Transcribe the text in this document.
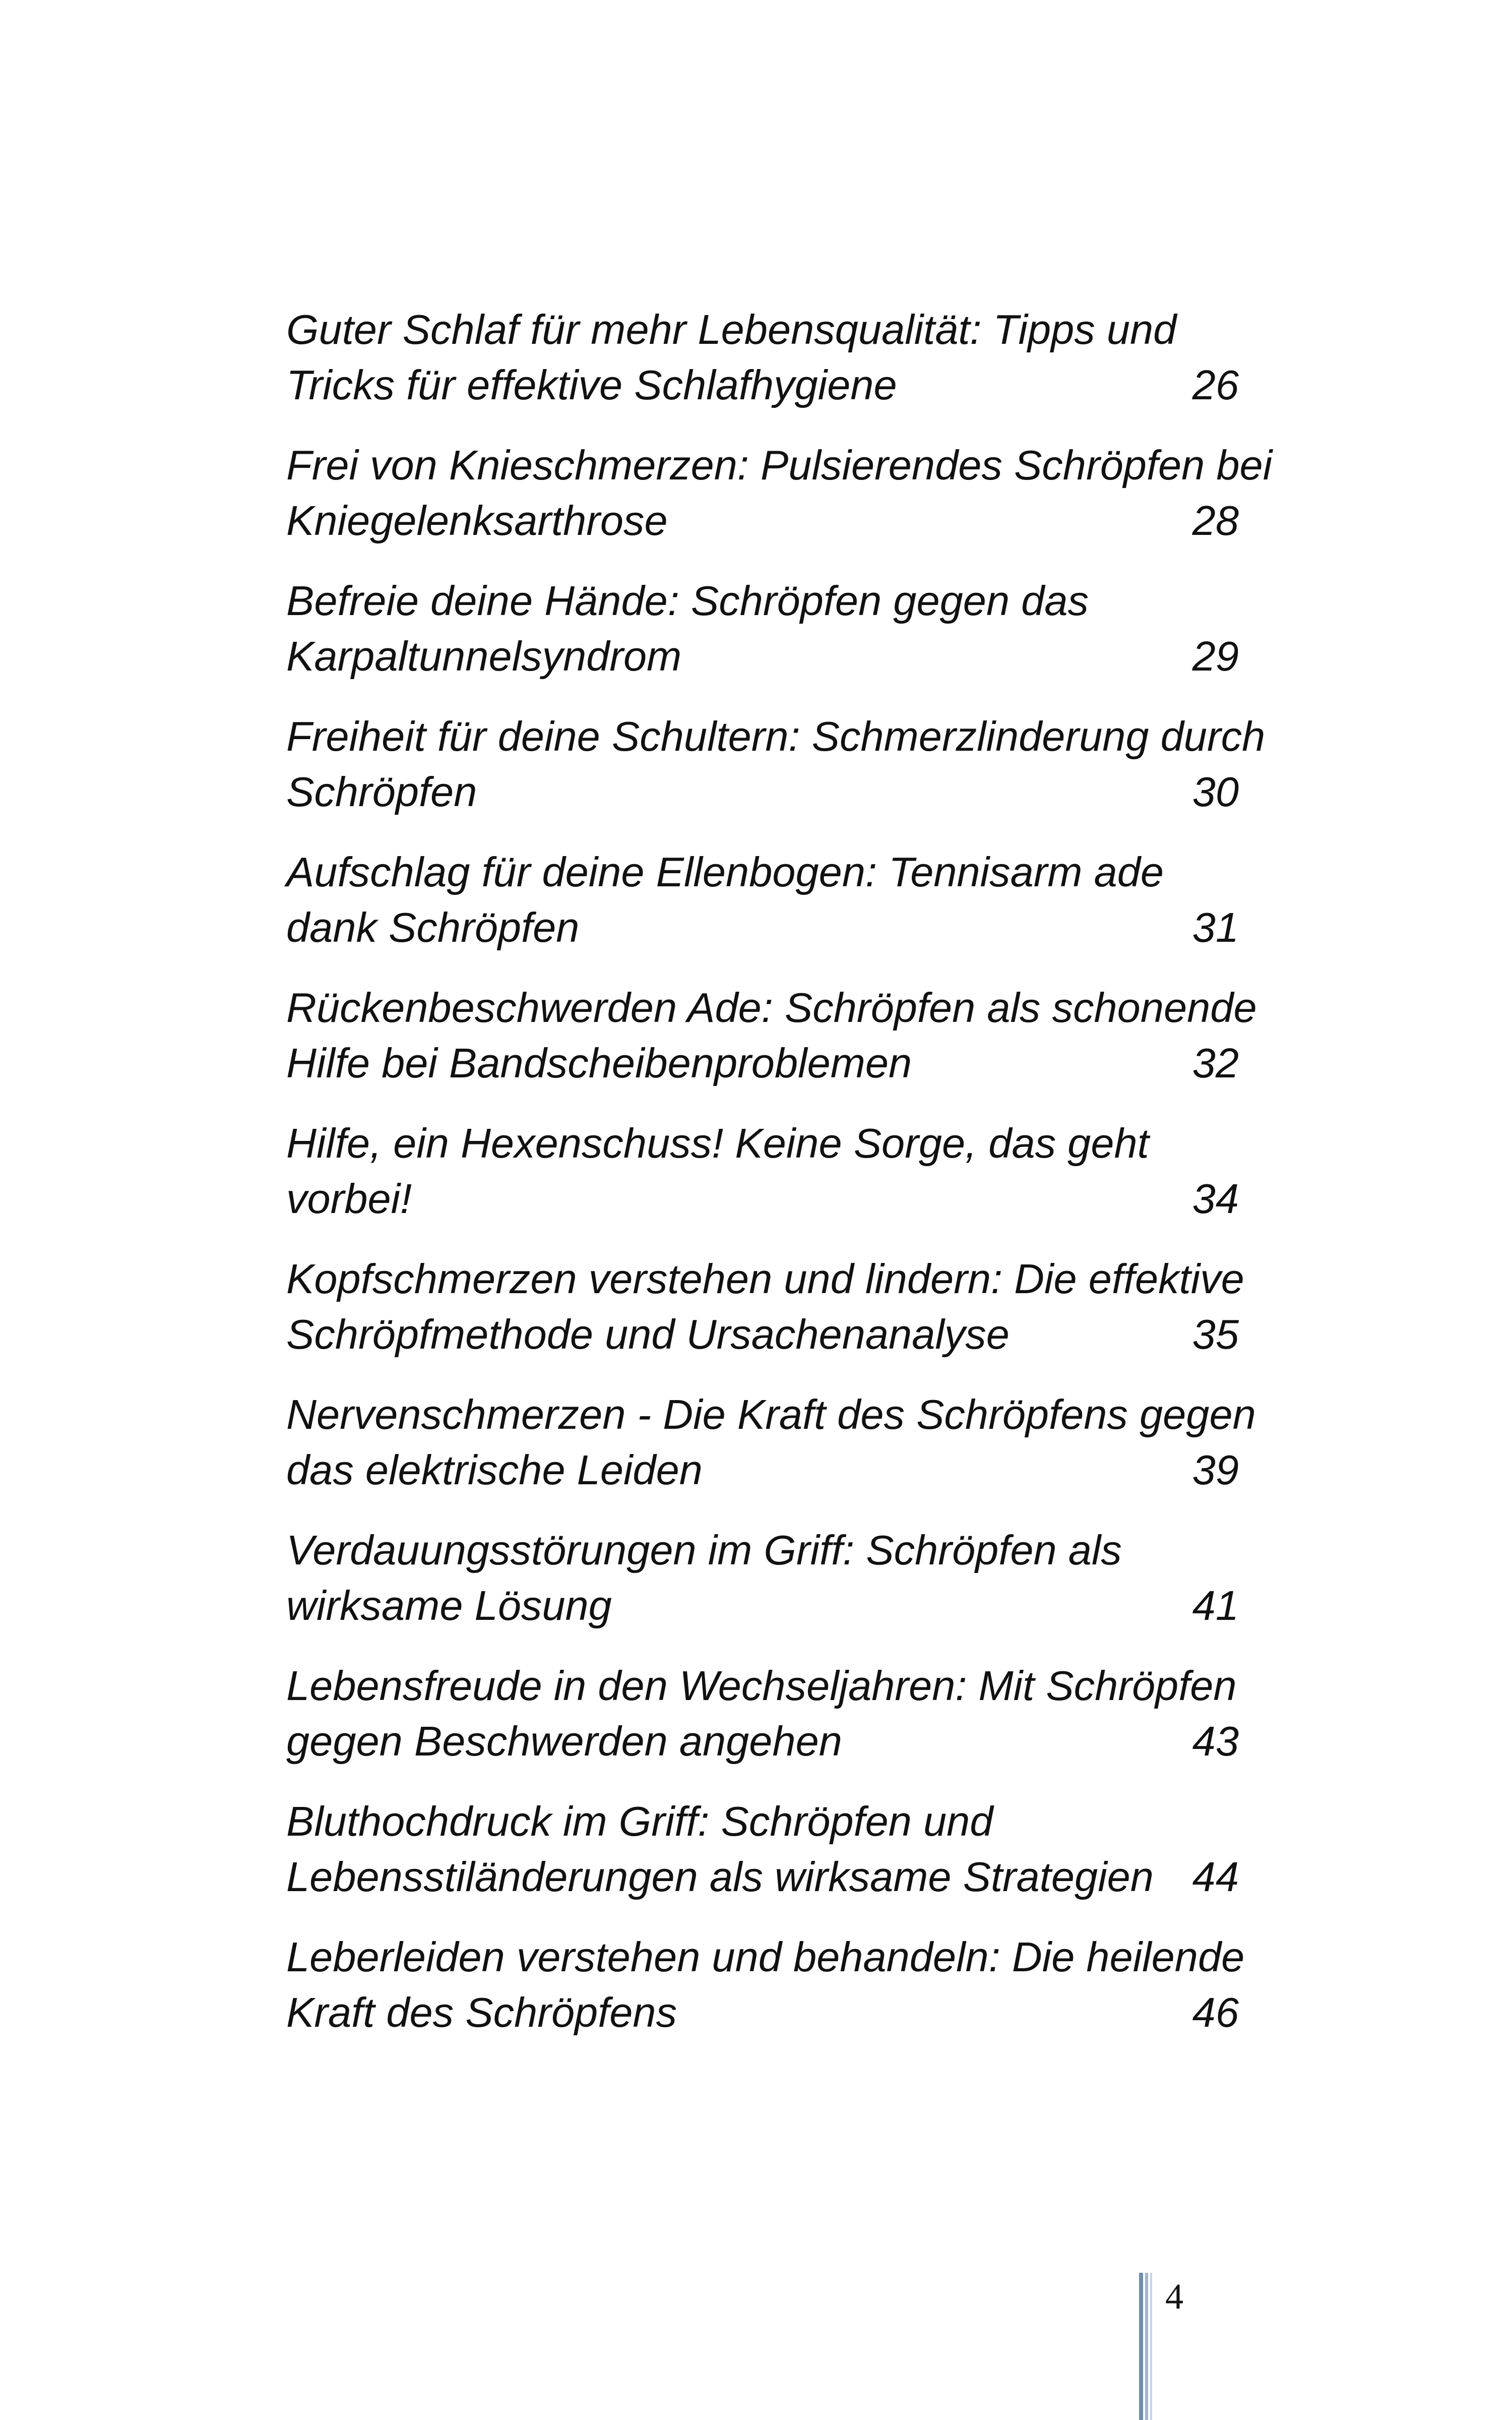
Guter Schlaf für mehr Lebensqualität: Tipps und
Tricks für effektive Schlafhygiene	26
Frei von Knieschmerzen: Pulsierendes Schröpfen bei
Kniegelenksarthrose	28
Befreie deine Hände: Schröpfen gegen das
Karpaltunnelsyndrom	29
Freiheit für deine Schultern: Schmerzlinderung durch
Schröpfen	30
Aufschlag für deine Ellenbogen: Tennisarm ade
dank Schröpfen	31
Rückenbeschwerden Ade: Schröpfen als schonende
Hilfe bei Bandscheibenproblemen	32
Hilfe, ein Hexenschuss! Keine Sorge, das geht
vorbei!	34
Kopfschmerzen verstehen und lindern: Die effektive
Schröpfmethode und Ursachenanalyse	35
Nervenschmerzen - Die Kraft des Schröpfens gegen
das elektrische Leiden	39
Verdauungsstörungen im Griff: Schröpfen als
wirksame Lösung	41
Lebensfreude in den Wechseljahren: Mit Schröpfen
gegen Beschwerden angehen	43
Bluthochdruck im Griff: Schröpfen und
Lebensstiländerungen als wirksame Strategien 44
Leberleiden verstehen und behandeln: Die heilende
Kraft des Schröpfens	46
4
